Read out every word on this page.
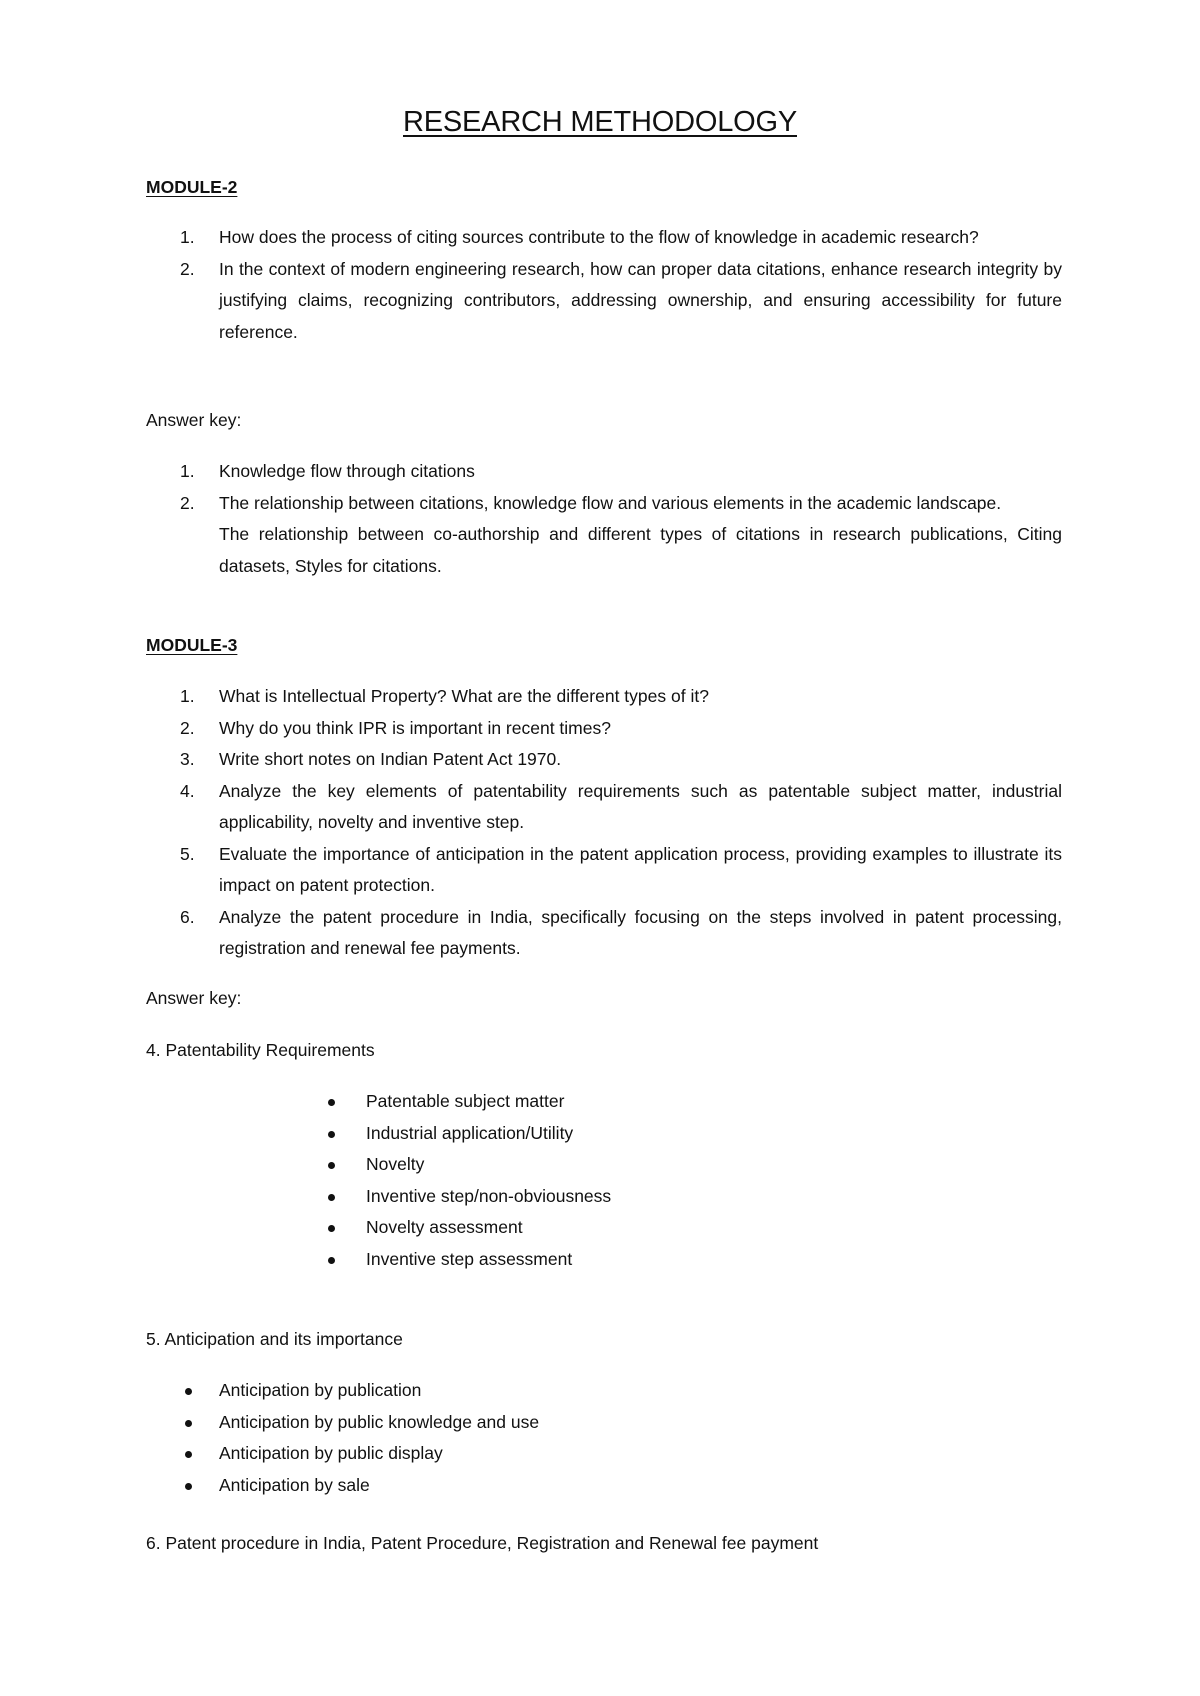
RESEARCH METHODOLOGY
MODULE-2
1. How does the process of citing sources contribute to the flow of knowledge in academic research?
2. In the context of modern engineering research, how can proper data citations, enhance research integrity by justifying claims, recognizing contributors, addressing ownership, and ensuring accessibility for future reference.
Answer key:
1. Knowledge flow through citations
2. The relationship between citations, knowledge flow and various elements in the academic landscape.
The relationship between co-authorship and different types of citations in research publications, Citing datasets, Styles for citations.
MODULE-3
1. What is Intellectual Property? What are the different types of it?
2. Why do you think IPR is important in recent times?
3. Write short notes on Indian Patent Act 1970.
4. Analyze the key elements of patentability requirements such as patentable subject matter, industrial applicability, novelty and inventive step.
5. Evaluate the importance of anticipation in the patent application process, providing examples to illustrate its impact on patent protection.
6. Analyze the patent procedure in India, specifically focusing on the steps involved in patent processing, registration and renewal fee payments.
Answer key:
4. Patentability Requirements
Patentable subject matter
Industrial application/Utility
Novelty
Inventive step/non-obviousness
Novelty assessment
Inventive step assessment
5. Anticipation and its importance
Anticipation by publication
Anticipation by public knowledge and use
Anticipation by public display
Anticipation by sale
6. Patent procedure in India, Patent Procedure, Registration and Renewal fee payment
